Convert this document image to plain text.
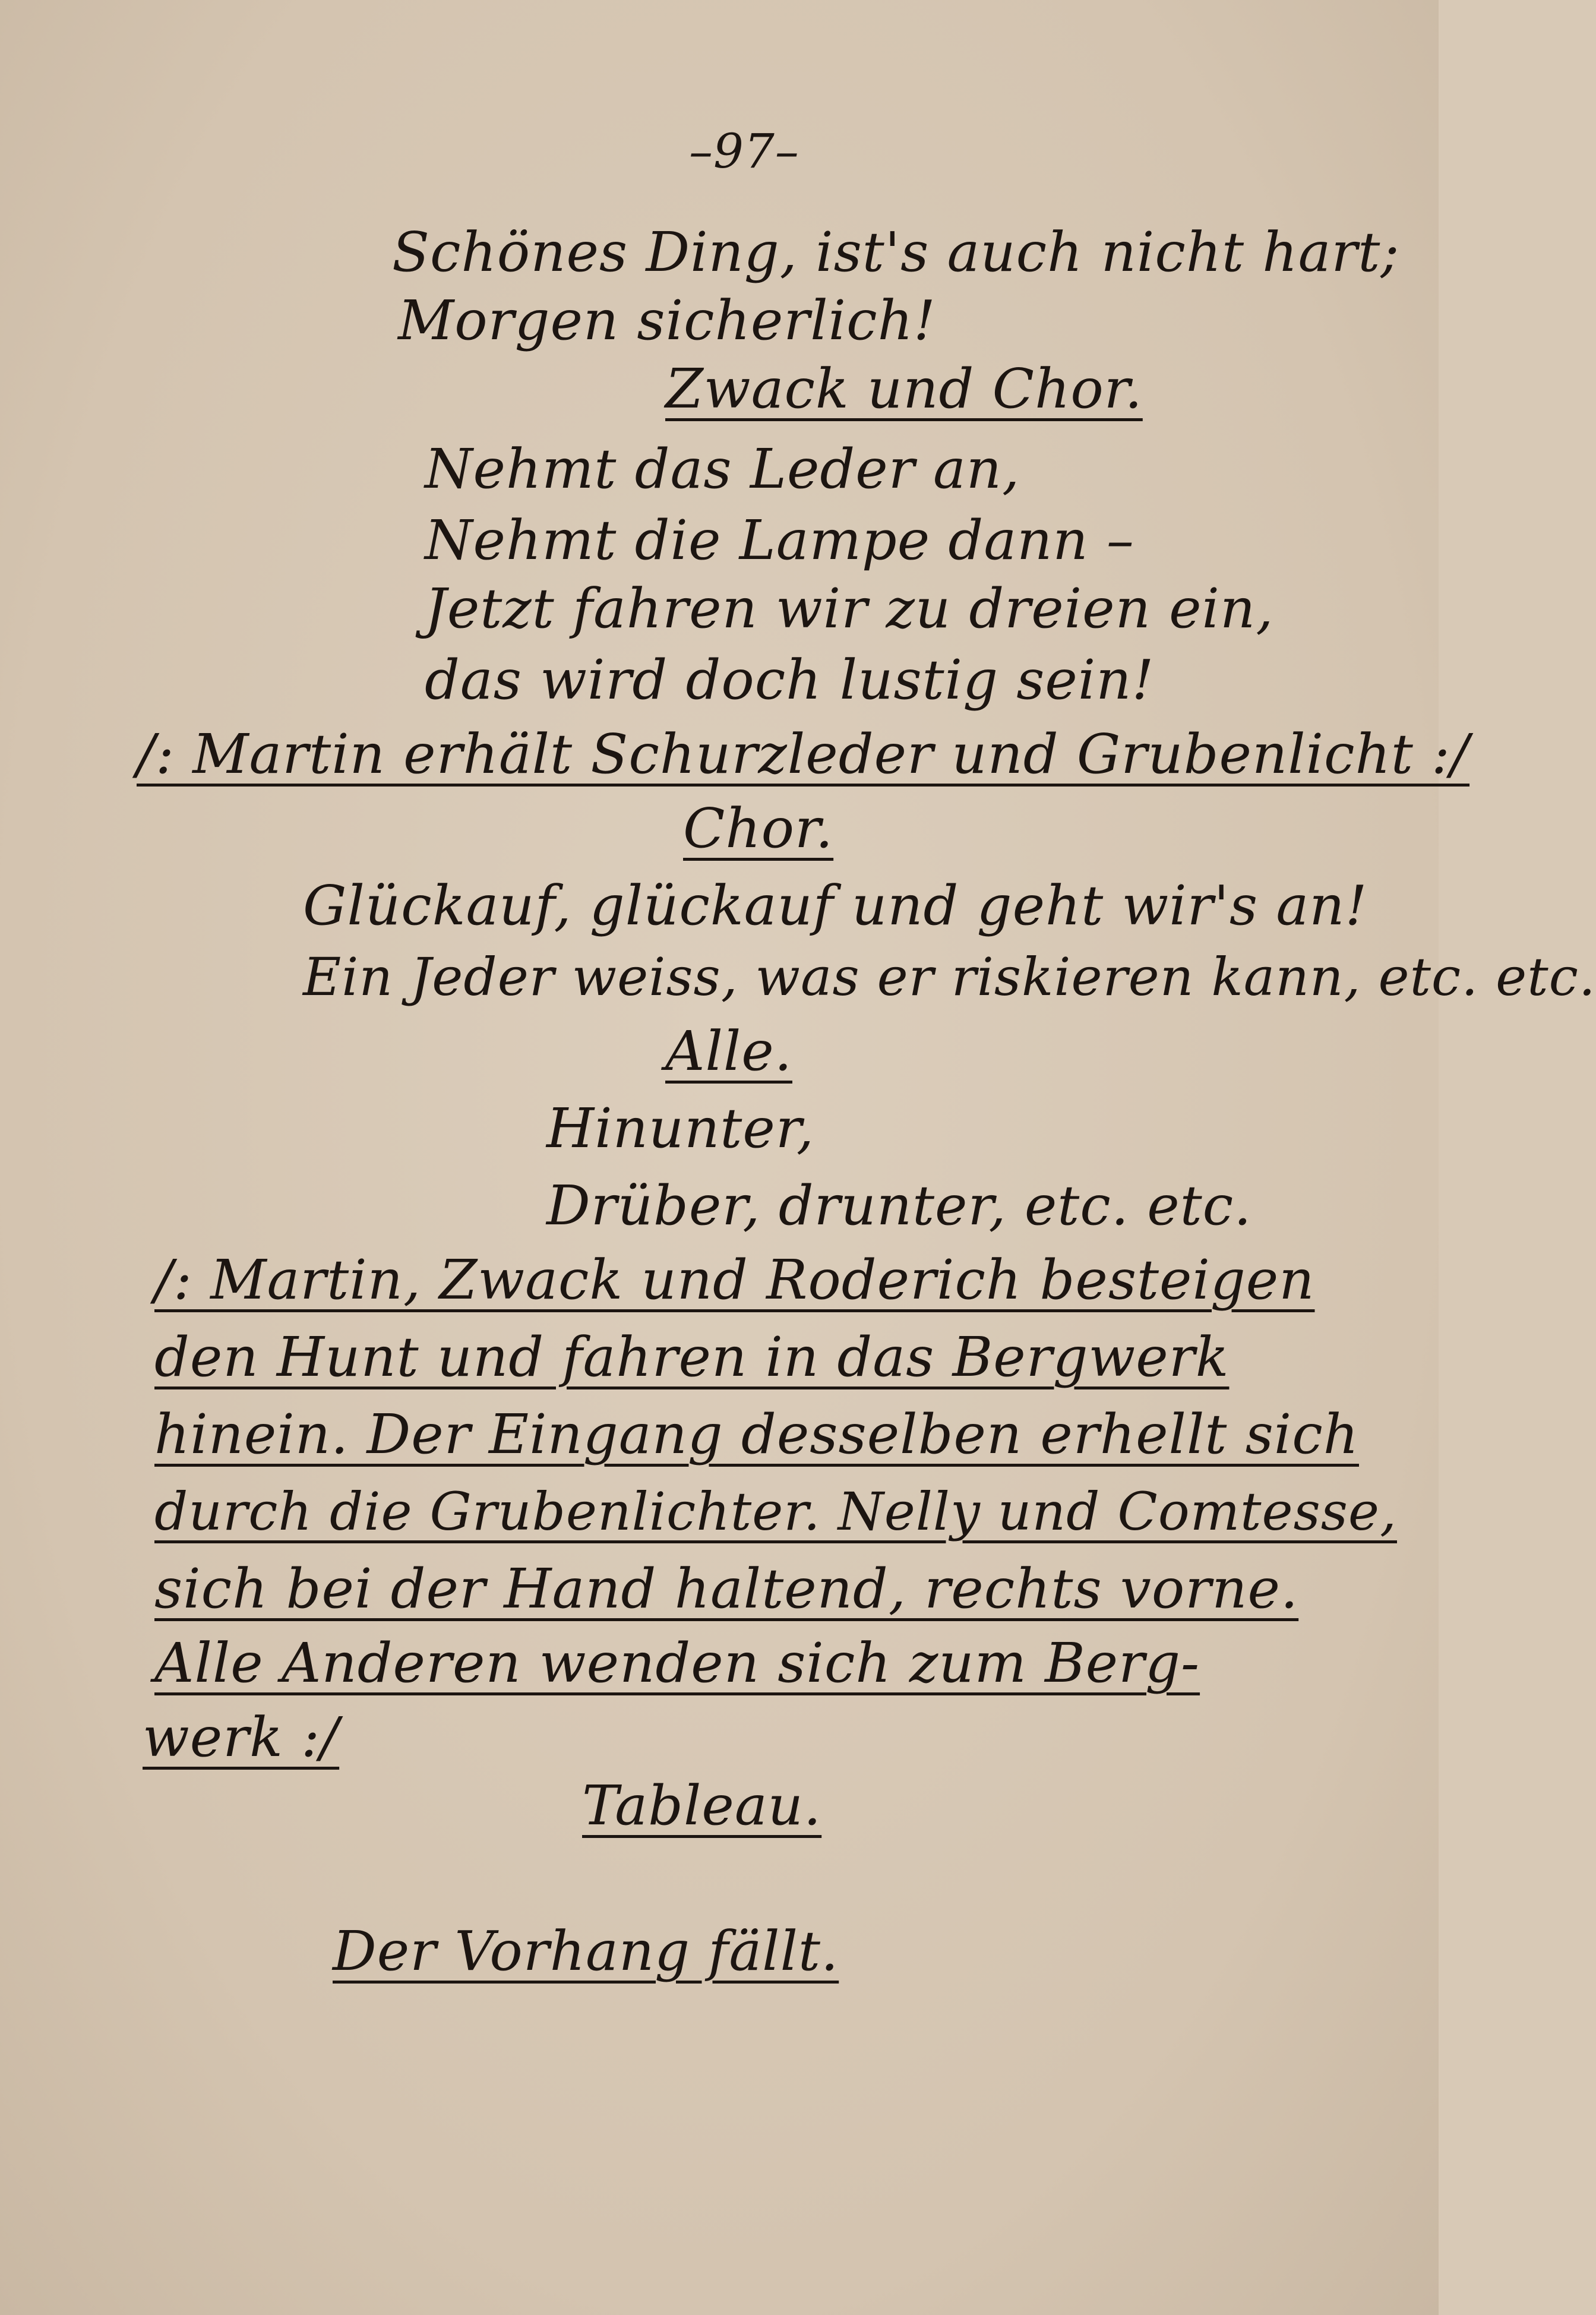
–97–
Schönes Ding, ist's auch nicht hart;
Morgen sicherlich!
Zwack und Chor.
Nehmt das Leder an,
Nehmt die Lampe dann –
Jetzt fahren wir zu dreien ein,
das wird doch lustig sein!
/: Martin erhält Schurzleder und Grubenlicht :/
Chor.
Glückauf, glückauf und geht wir's an!
Ein Jeder weiss, was er riskieren kann, etc. etc.
Alle.
Hinunter,
Drüber, drunter, etc. etc.
/: Martin, Zwack und Roderich besteigen
den Hunt und fahren in das Bergwerk
hinein. Der Eingang desselben erhellt sich
durch die Grubenlichter. Nelly und Comtesse,
sich bei der Hand haltend, rechts vorne.
Alle Anderen wenden sich zum Berg-
werk :/
Tableau.
Der Vorhang fällt.
